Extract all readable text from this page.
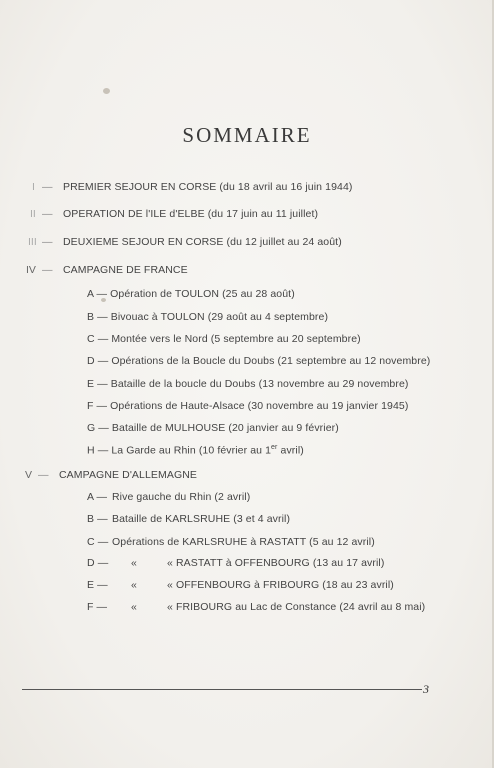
SOMMAIRE
I — PREMIER SEJOUR EN CORSE (du 18 avril au 16 juin 1944)
II — OPERATION DE l'ILE d'ELBE (du 17 juin au 11 juillet)
III — DEUXIEME SEJOUR EN CORSE (du 12 juillet au 24 août)
IV — CAMPAGNE DE FRANCE
A — Opération de TOULON (25 au 28 août)
B — Bivouac à TOULON (29 août au 4 septembre)
C — Montée vers le Nord (5 septembre au 20 septembre)
D — Opérations de la Boucle du Doubs (21 septembre au 12 novembre)
E — Bataille de la boucle du Doubs (13 novembre au 29 novembre)
F — Opérations de Haute-Alsace (30 novembre au 19 janvier 1945)
G — Bataille de MULHOUSE (20 janvier au 9 février)
H — La Garde au Rhin (10 février au 1er avril)
V — CAMPAGNE D'ALLEMAGNE
A — Rive gauche du Rhin (2 avril)
B — Bataille de KARLSRUHE (3 et 4 avril)
C — Opérations de KARLSRUHE à RASTATT (5 au 12 avril)
D — «	« RASTATT à OFFENBOURG (13 au 17 avril)
E — «	« OFFENBOURG à FRIBOURG (18 au 23 avril)
F — «	« FRIBOURG au Lac de Constance (24 avril au 8 mai)
3
